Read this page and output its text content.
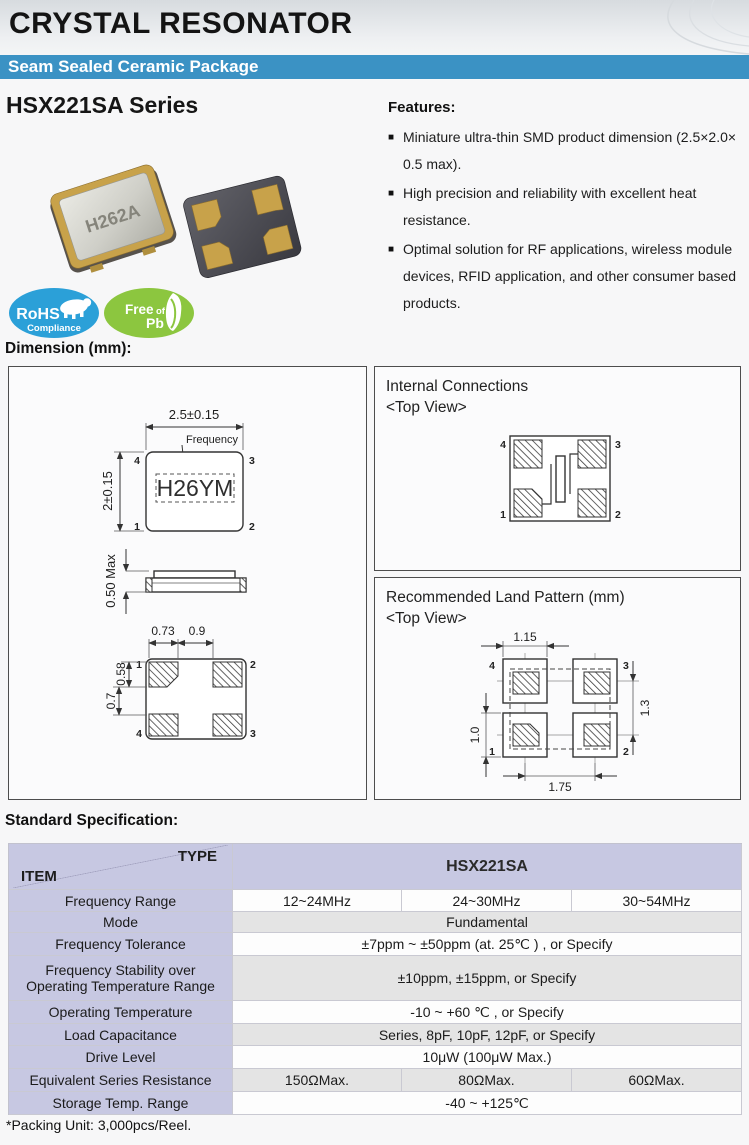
CRYSTAL RESONATOR
Seam Sealed Ceramic Package
HSX221SA Series	Features:
■ Miniature ultra-thin SMD product dimension (2.5×2.0× 0.5 max).
■ High precision and reliability with excellent heat resistance.
■ Optimal solution for RF applications, wireless module devices, RFID application, and other consumer based products.
H262A
RoHS
Compliance
Free of
Pb
Dimension (mm):
2.5±0.15
Frequency
H26YM
2±0.15
4	3
1	2
0.50 Max
0.73 0.9
1	2
4	3
0.58
0.7
Internal Connections
<Top View>
4	3
1	2
Recommended Land Pattern (mm)
<Top View>
1.15
1.75
1.0
1.3
4	3
1	2
Standard Specification:
TYPE
ITEM	HSX221SA		
Frequency Range	12~24MHz	24~30MHz	30~54MHz
Mode	Fundamental		
Frequency Tolerance	±7ppm ~ ±50ppm (at. 25℃ ) , or Specify		
Frequency Stability over Operating Temperature Range	±10ppm, ±15ppm, or Specify		
Operating Temperature	-10 ~ +60 ℃ , or Specify		
Load Capacitance	Series, 8pF, 10pF, 12pF, or Specify		
Drive Level	10μW (100μW Max.)		
Equivalent Series Resistance	150ΩMax.	80ΩMax.	60ΩMax.
Storage Temp. Range	-40 ~ +125℃		
*Packing Unit: 3,000pcs/Reel.
